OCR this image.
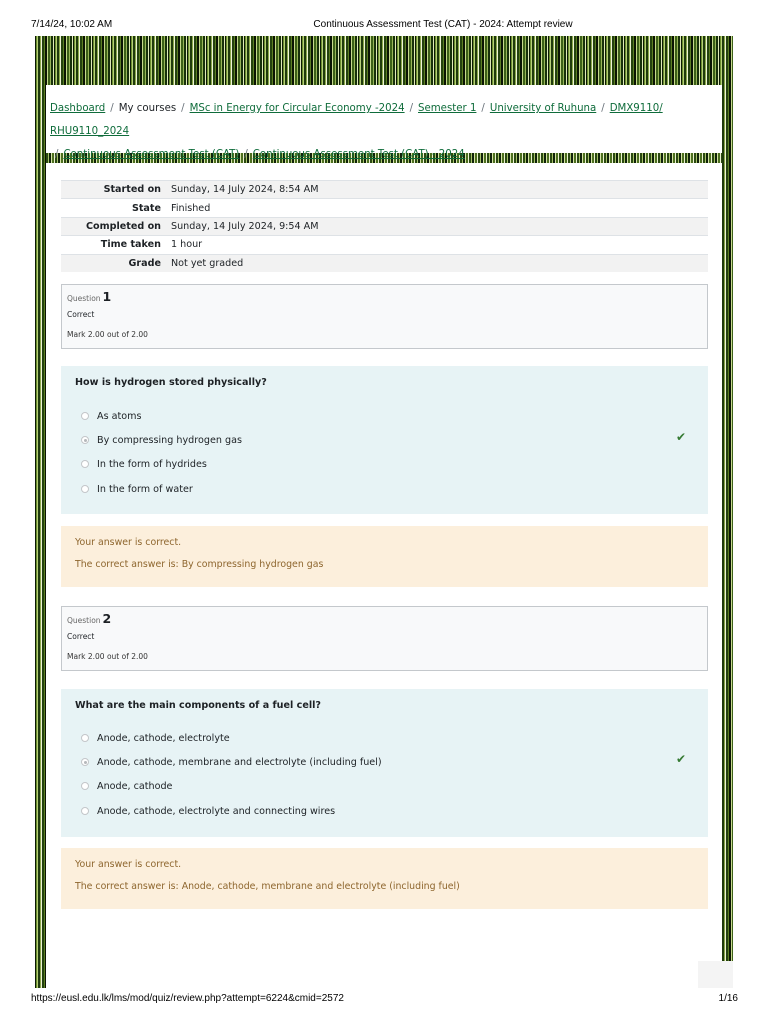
7/14/24, 10:02 AM	Continuous Assessment Test (CAT) - 2024: Attempt review
Dashboard / My courses / MSc in Energy for Circular Economy -2024 / Semester 1 / University of Ruhuna / DMX9110/ RHU9110_2024
/ Continuous Assessment Test (CAT) / Continuous Assessment Test (CAT) - 2024
Started on	Sunday, 14 July 2024, 8:54 AM
State	Finished
Completed on	Sunday, 14 July 2024, 9:54 AM
Time taken	1 hour
Grade	Not yet graded
Question 1
Correct
Mark 2.00 out of 2.00
How is hydrogen stored physically?
As atoms
By compressing hydrogen gas	✔
In the form of hydrides
In the form of water
Your answer is correct.
The correct answer is: By compressing hydrogen gas
Question 2
Correct
Mark 2.00 out of 2.00
What are the main components of a fuel cell?
Anode, cathode, electrolyte
Anode, cathode, membrane and electrolyte (including fuel)	✔
Anode, cathode
Anode, cathode, electrolyte and connecting wires
Your answer is correct.
The correct answer is: Anode, cathode, membrane and electrolyte (including fuel)
https://eusl.edu.lk/lms/mod/quiz/review.php?attempt=6224&cmid=2572	1/16
